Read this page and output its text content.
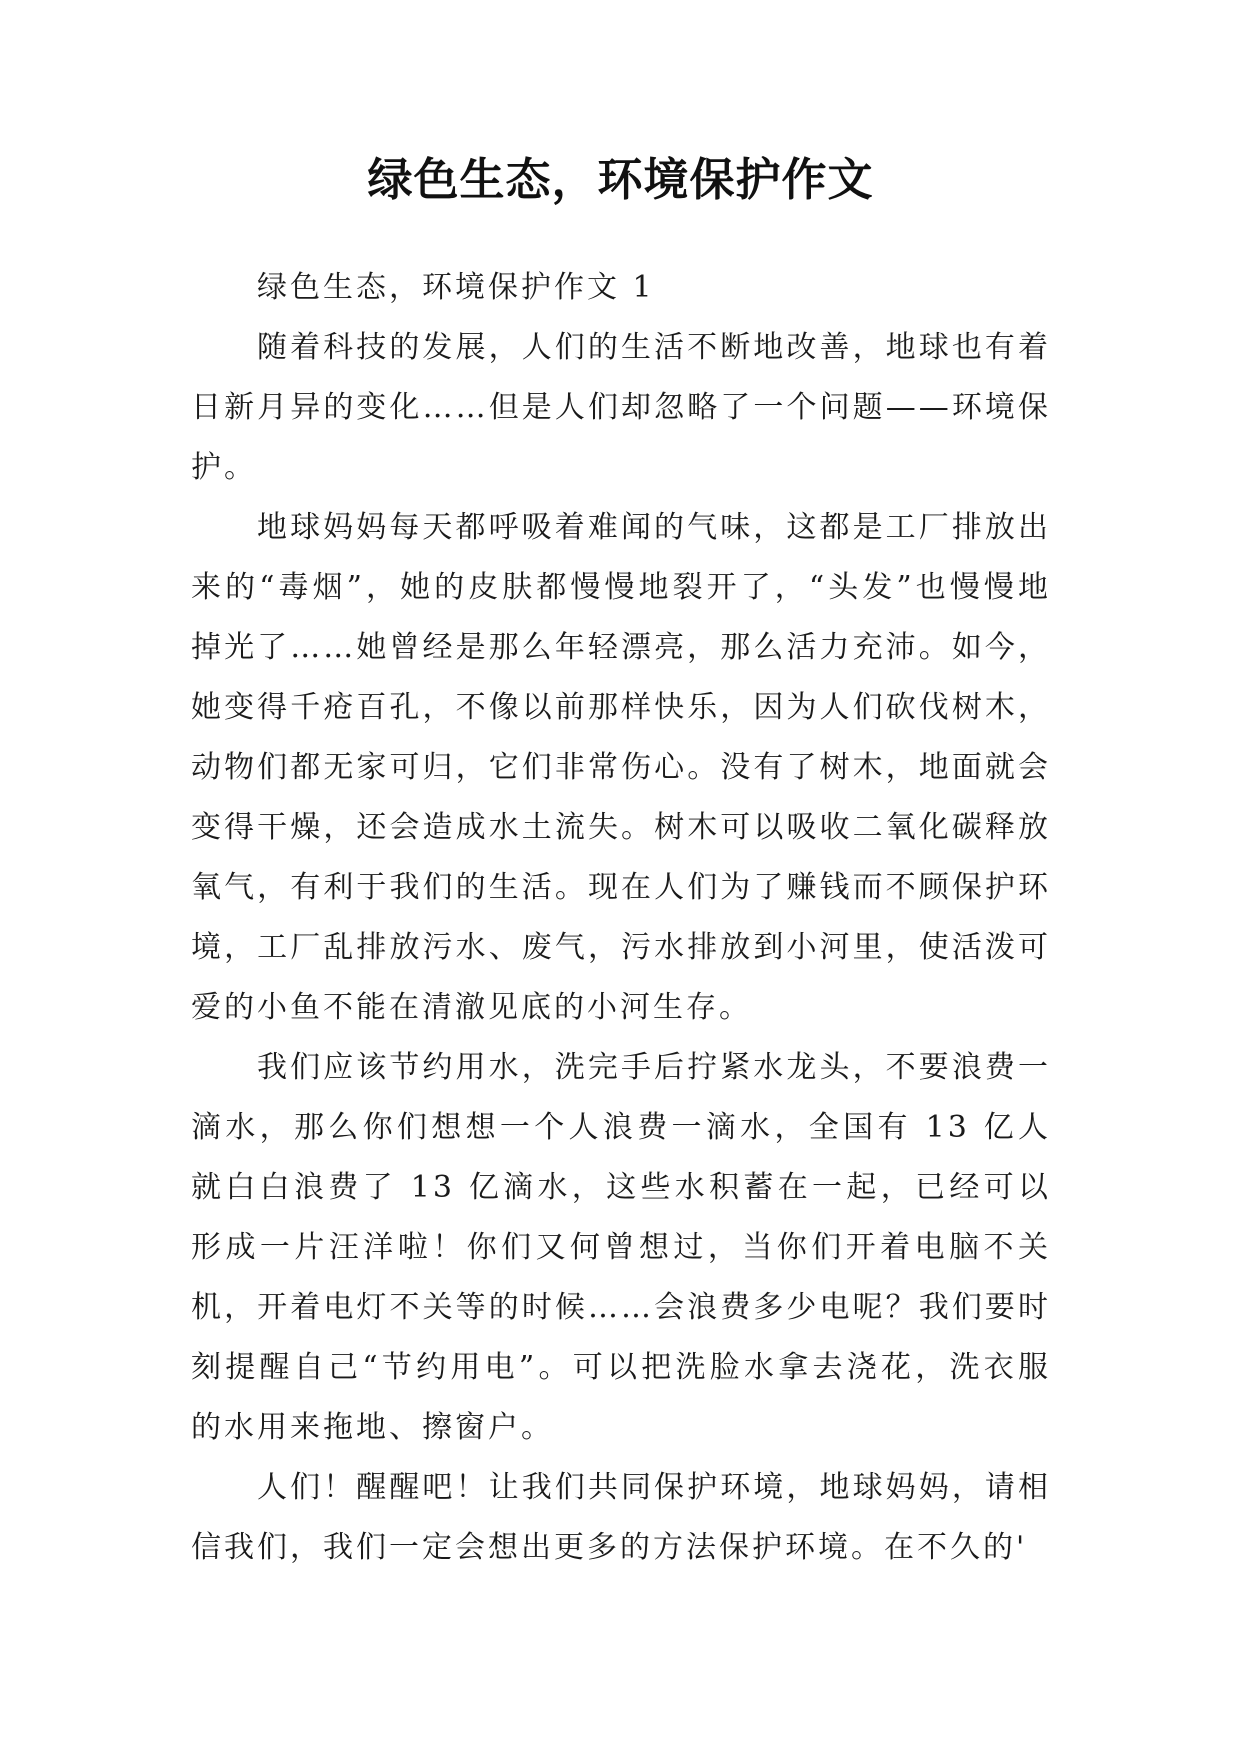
绿色生态，环境保护作文

绿色生态，环境保护作文 1

随着科技的发展，人们的生活不断地改善，地球也有着日新月异的变化……但是人们却忽略了一个问题——环境保护。

地球妈妈每天都呼吸着难闻的气味，这都是工厂排放出来的“毒烟”，她的皮肤都慢慢地裂开了，“头发”也慢慢地掉光了……她曾经是那么年轻漂亮，那么活力充沛。如今，她变得千疮百孔，不像以前那样快乐，因为人们砍伐树木，动物们都无家可归，它们非常伤心。没有了树木，地面就会变得干燥，还会造成水土流失。树木可以吸收二氧化碳释放氧气，有利于我们的生活。现在人们为了赚钱而不顾保护环境，工厂乱排放污水、废气，污水排放到小河里，使活泼可爱的小鱼不能在清澈见底的小河生存。

我们应该节约用水，洗完手后拧紧水龙头，不要浪费一滴水，那么你们想想一个人浪费一滴水，全国有 13 亿人就白白浪费了 13 亿滴水，这些水积蓄在一起，已经可以形成一片汪洋啦！你们又何曾想过，当你们开着电脑不关机，开着电灯不关等的时候……会浪费多少电呢？我们要时刻提醒自己“节约用电”。可以把洗脸水拿去浇花，洗衣服的水用来拖地、擦窗户。

人们！醒醒吧！让我们共同保护环境，地球妈妈，请相信我们，我们一定会想出更多的方法保护环境。在不久的'
